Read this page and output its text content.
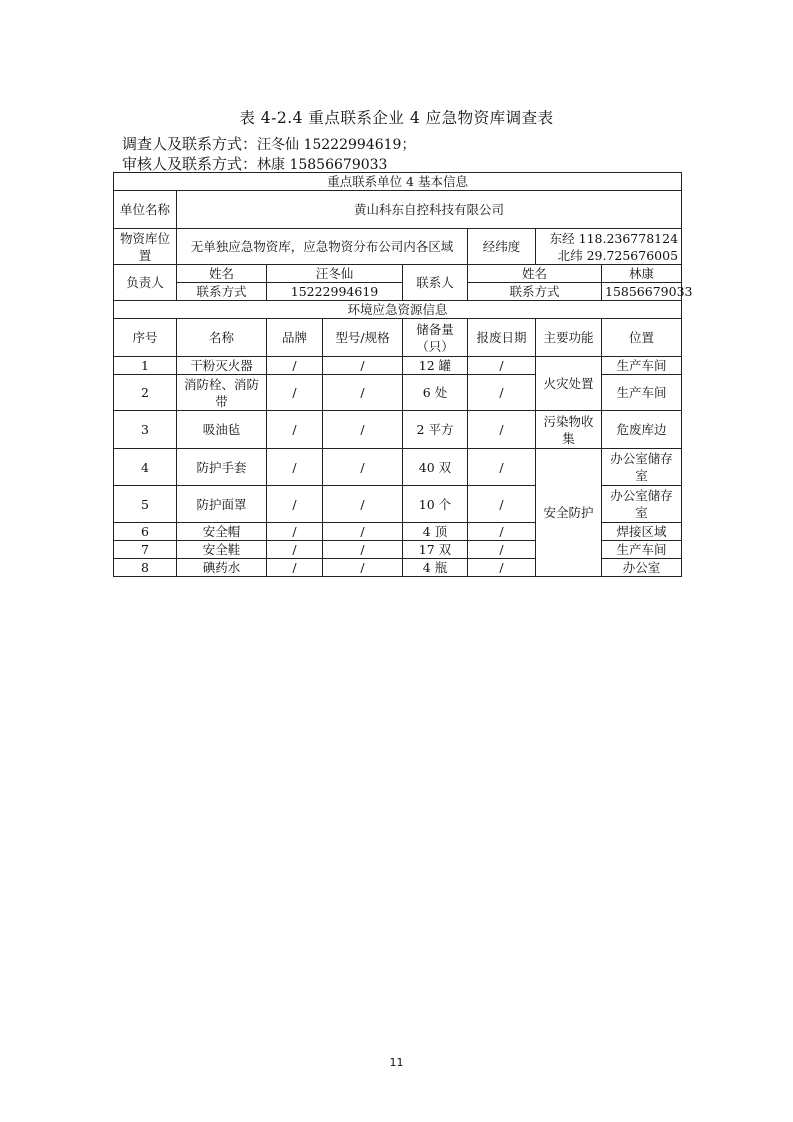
表 4-2.4 重点联系企业 4 应急物资库调查表
调查人及联系方式：汪冬仙 15222994619；
审核人及联系方式：林康 15856679033
重点联系单位 4 基本信息							
单位名称	黄山科东自控科技有限公司						
物资库位置	无单独应急物资库，应急物资分布公司内各区域				经纬度	东经 118.236778124
北纬 29.725676005	

负责人	姓名	汪冬仙		联系人	姓名		林康
	联系方式	15222994619			联系方式		15856679033
环境应急资源信息							
序号	名称	品牌	型号/规格	储备量（只）	报废日期	主要功能	位置
1	干粉灭火器	/	/	12 罐	/	火灾处置	生产车间
2	消防栓、消防带	/	/	6 处	/		生产车间
3	吸油毡	/	/	2 平方	/	污染物收集	危废库边
4	防护手套	/	/	40 双	/	安全防护	办公室储存室
5	防护面罩	/	/	10 个	/		办公室储存室
6	安全帽	/	/	4 顶	/		焊接区域
7	安全鞋	/	/	17 双	/		生产车间
8	碘药水	/	/	4 瓶	/		办公室
11
